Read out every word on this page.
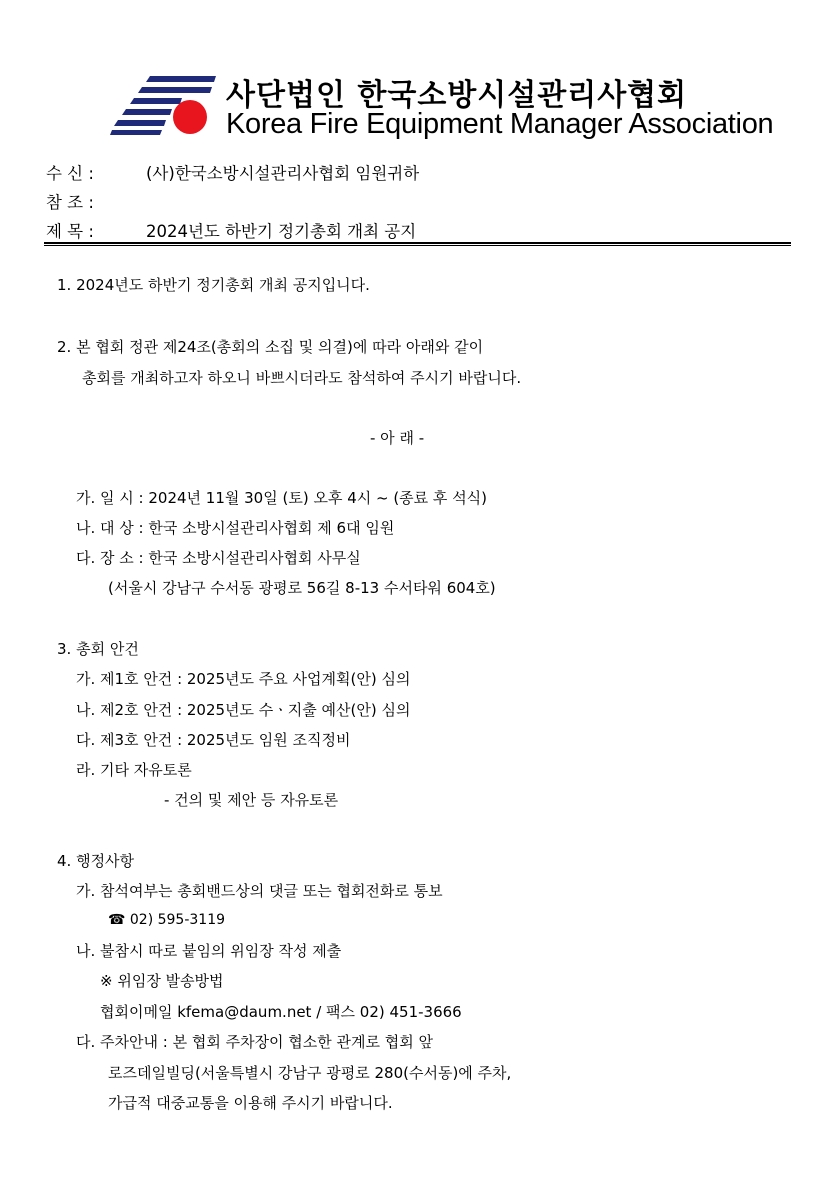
사단법인 한국소방시설관리사협회
Korea Fire Equipment Manager Association
수 신 :	(사)한국소방시설관리사협회 임원귀하
참 조 :
제 목 :	2024년도 하반기 정기총회 개최 공지
1. 2024년도 하반기 정기총회 개최 공지입니다.
2. 본 협회 정관 제24조(총회의 소집 및 의결)에 따라 아래와 같이
총회를 개최하고자 하오니 바쁘시더라도 참석하여 주시기 바랍니다.
- 아 래 -
가. 일 시 : 2024년 11월 30일 (토) 오후 4시 ~ (종료 후 석식)
나. 대 상 : 한국 소방시설관리사협회 제 6대 임원
다. 장 소 : 한국 소방시설관리사협회 사무실
(서울시 강남구 수서동 광평로 56길 8-13 수서타워 604호)
3. 총회 안건
가. 제1호 안건 : 2025년도 주요 사업계획(안) 심의
나. 제2호 안건 : 2025년도 수ㆍ지출 예산(안) 심의
다. 제3호 안건 : 2025년도 임원 조직정비
라. 기타 자유토론
- 건의 및 제안 등 자유토론
4. 행정사항
가. 참석여부는 총회밴드상의 댓글 또는 협회전화로 통보
☎ 02) 595-3119
나. 불참시 따로 붙임의 위임장 작성 제출
※ 위임장 발송방법
협회이메일 kfema@daum.net / 팩스 02) 451-3666
다. 주차안내 : 본 협회 주차장이 협소한 관계로 협회 앞
로즈데일빌딩(서울특별시 강남구 광평로 280(수서동)에 주차,
가급적 대중교통을 이용해 주시기 바랍니다.
